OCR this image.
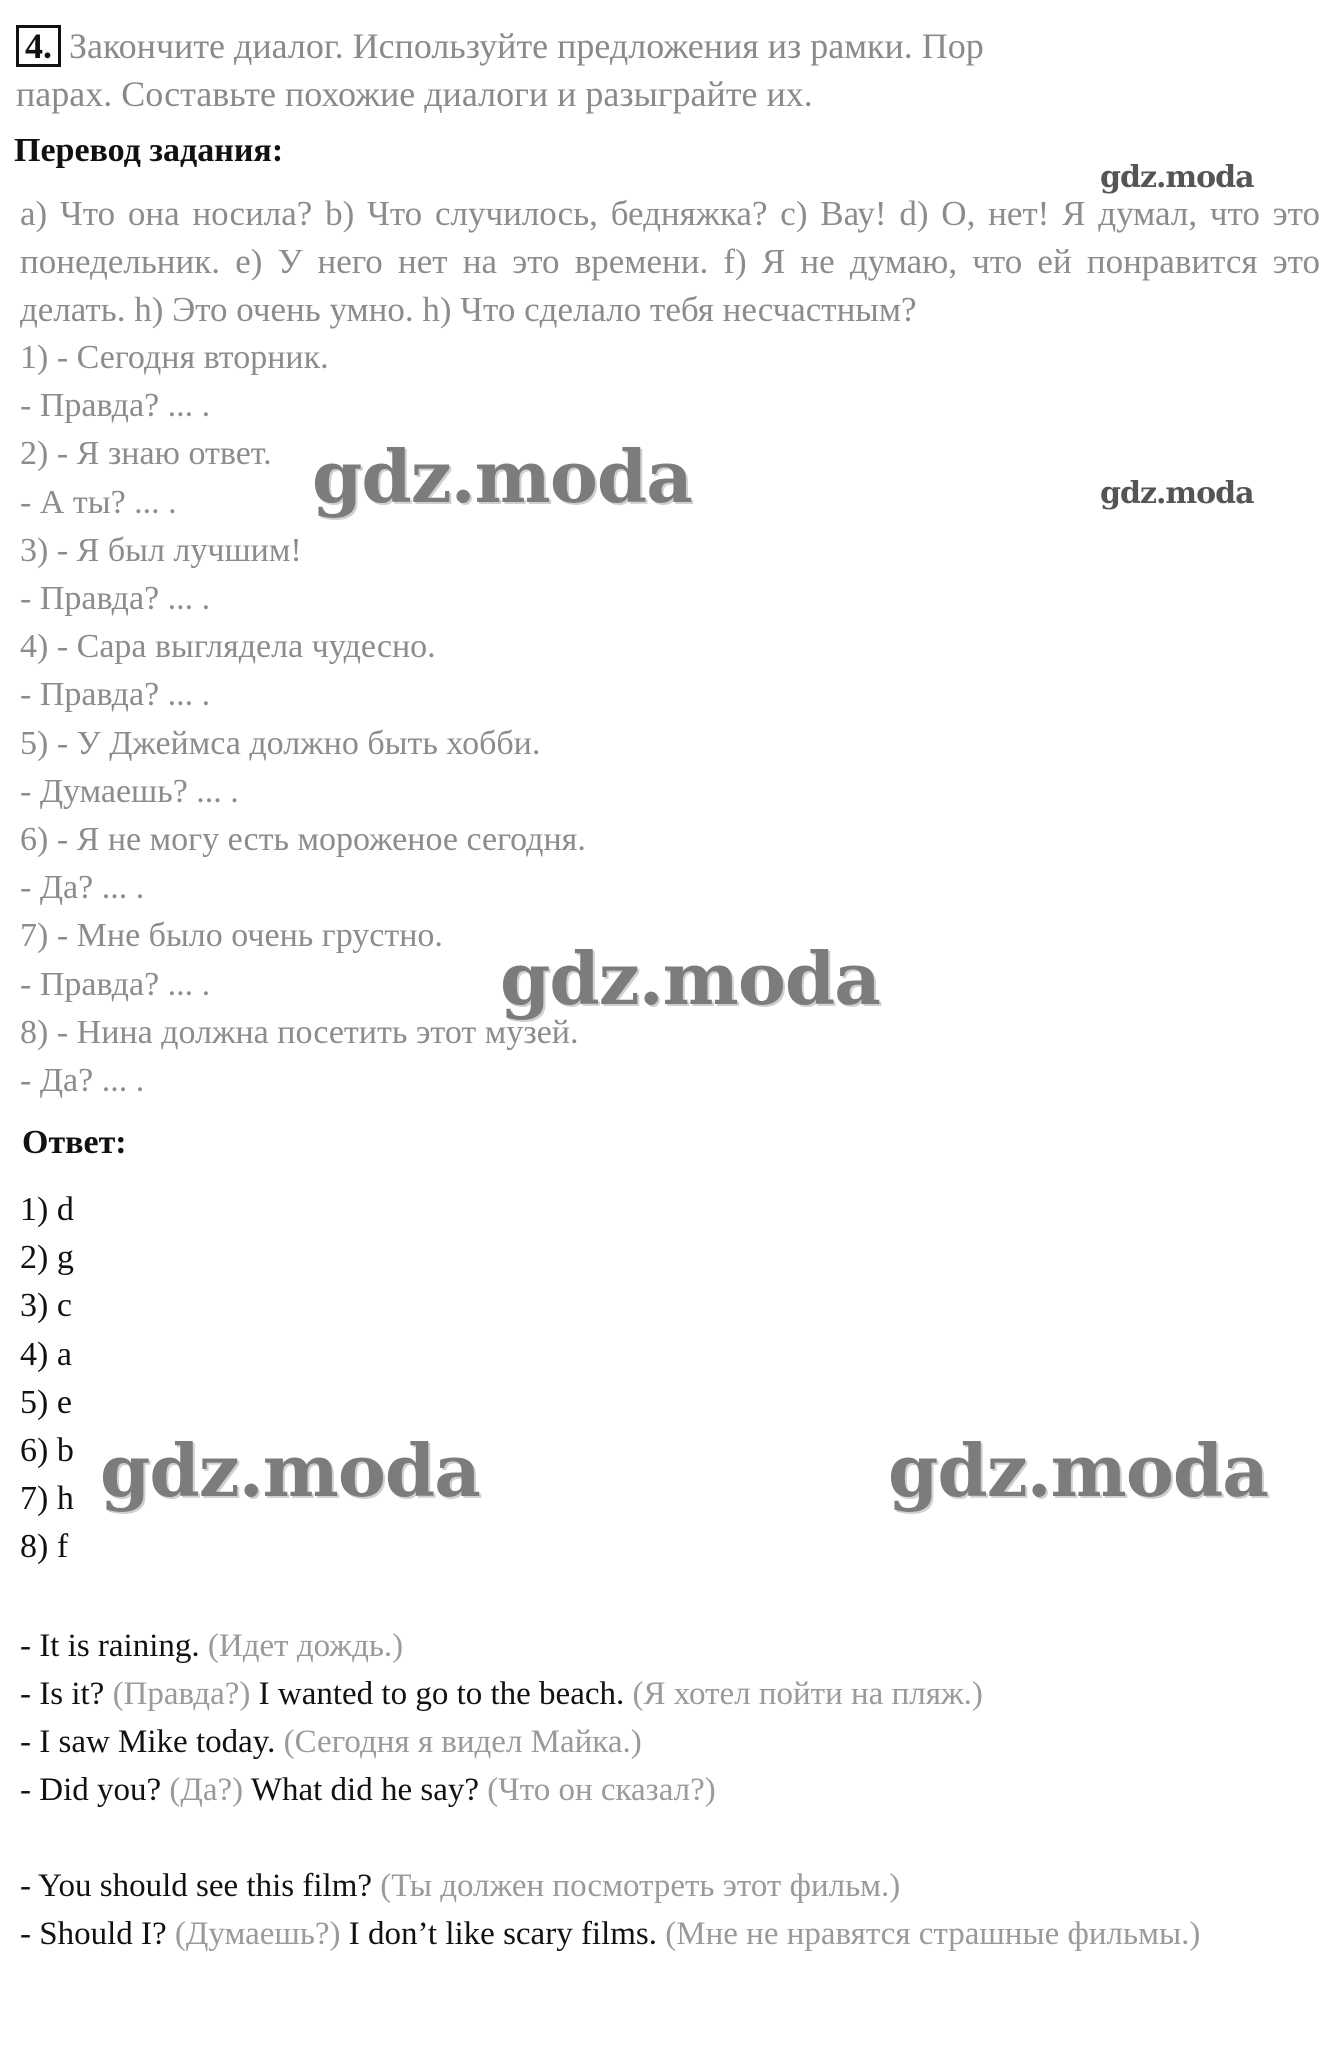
4. Закончите диалог. Используйте предложения из рамки. Пор
парах. Составьте похожие диалоги и разыграйте их.
Перевод задания:
a) Что она носила? b) Что случилось, бедняжка? c) Вау! d) О, нет! Я думал, что это понедельник. e) У него нет на это времени. f) Я не думаю, что ей понравится это делать. h) Это очень умно. h) Что сделало тебя несчастным?
1) - Сегодня вторник.
- Правда? ... .
2) - Я знаю ответ.
- А ты? ... .
3) - Я был лучшим!
- Правда? ... .
4) - Сара выглядела чудесно.
- Правда? ... .
5) - У Джеймса должно быть хобби.
- Думаешь? ... .
6) - Я не могу есть мороженое сегодня.
- Да? ... .
7) - Мне было очень грустно.
- Правда? ... .
8) - Нина должна посетить этот музей.
- Да? ... .
Ответ:
1) d
2) g
3) c
4) a
5) e
6) b
7) h
8) f
- It is raining. (Идет дождь.)
- Is it? (Правда?) I wanted to go to the beach. (Я хотел пойти на пляж.)
- I saw Mike today. (Сегодня я видел Майка.)
- Did you? (Да?) What did he say? (Что он сказал?)
- You should see this film? (Ты должен посмотреть этот фильм.)
- Should I? (Думаешь?) I don’t like scary films. (Мне не нравятся страшные фильмы.)
gdz.moda
gdz.moda
gdz.moda
gdz.moda
gdz.moda	gdz.moda
